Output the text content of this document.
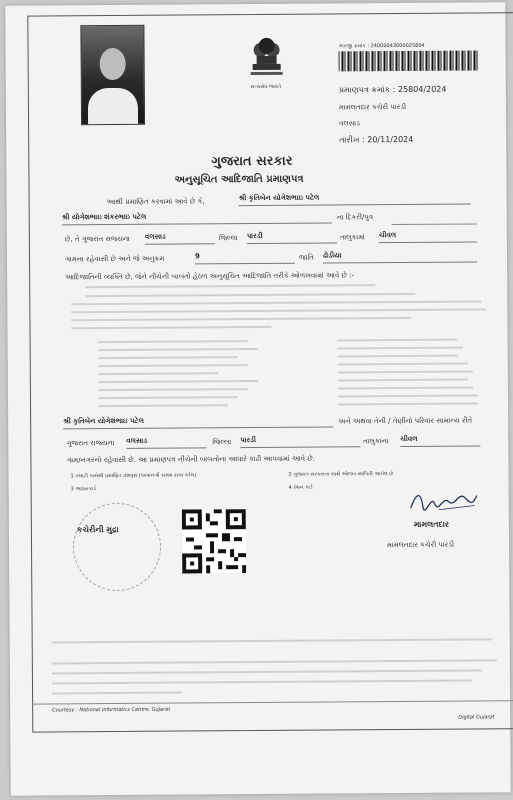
સત્યમેવ જયતે
અરજી ક્રમાંક : 24000043000025804
પ્રમાણપત્ર ક્રમાંક : 25804/2024
મામલતદાર કચેરી પારડી
વલસાડ
તારીખ : 20/11/2024
ગુજરાત સરકાર
અનુસૂચિત આદિજાતિ પ્રમાણપત્ર
આથી પ્રમાણિત કરવામાં આવે છે કે,	શ્રી કૃતિબેન યોગેશભાઇ પટેલ
શ્રી યોગેશભાઇ શંકરભાઇ પટેલ	ના દિકરી/પુત્ર
છે, તે ગુજરાત રાજ્યના વલસાડ	જિલ્લા પારડી	તાલુકામાં ચીવલ
ગામના રહેવાસી છે અને જે અનુક્રમ	9	જાતિ ઢોડીયા
આદિજાતિની વ્યક્તિ છે, જેને નીચેની બાબતો હેઠળ અનુસૂચિત આદિજાતિ તરીકે ઓળખવામાં આવે છે :-
શ્રી કૃતિબેન યોગેશભાઇ પટેલ	અને અથવા તેની / તેણીનો પરિવાર સામાન્ય રીતે
ગુજરાત રાજ્યના વલસાડ	જિલ્લા પારડી	તાલુકાના ચીવલ
ગામ/નગરનો રહેવાસી છે. આ પ્રમાણપત્ર નીચેની બાબતોના આધારે કાઢી આપવામાં આવે છે.
1 તલાટી પાસેથી પ્રમાણિત વંશવૃક્ષ (પરવાનગી સક્ષમ સત્તા કરેલ)	2 ગુજરાત સરકારના સાથે ઓળખ સાબિતી આપેલ છે
3 આધારકાર્ડ	4 રેશન કાર્ડ
કચેરીની મુદ્રા
મામલતદાર
મામલતદાર કચેરી પારડી
Courtesy : National Informatics Centre, Gujarat
Digital Gujarat
